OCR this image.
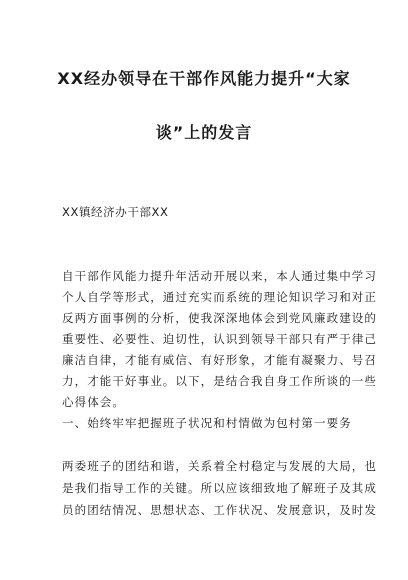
XX经办领导在干部作风能力提升“大家
谈”上的发言
XX镇经济办干部XX
自干部作风能力提升年活动开展以来，本人通过集中学习
个人自学等形式，通过充实而系统的理论知识学习和对正
反两方面事例的分析，使我深深地体会到党风廉政建设的
重要性、必要性、迫切性，认识到领导干部只有严于律己
廉洁自律，才能有威信、有好形象，才能有凝聚力、号召
力，才能干好事业。以下，是结合我自身工作所谈的一些
心得体会。
一、始终牢牢把握班子状况和村情做为包村第一要务
两委班子的团结和谐，关系着全村稳定与发展的大局，也
是我们指导工作的关键。所以应该细致地了解班子及其成
员的团结情况、思想状态、工作状况、发展意识，及时发
